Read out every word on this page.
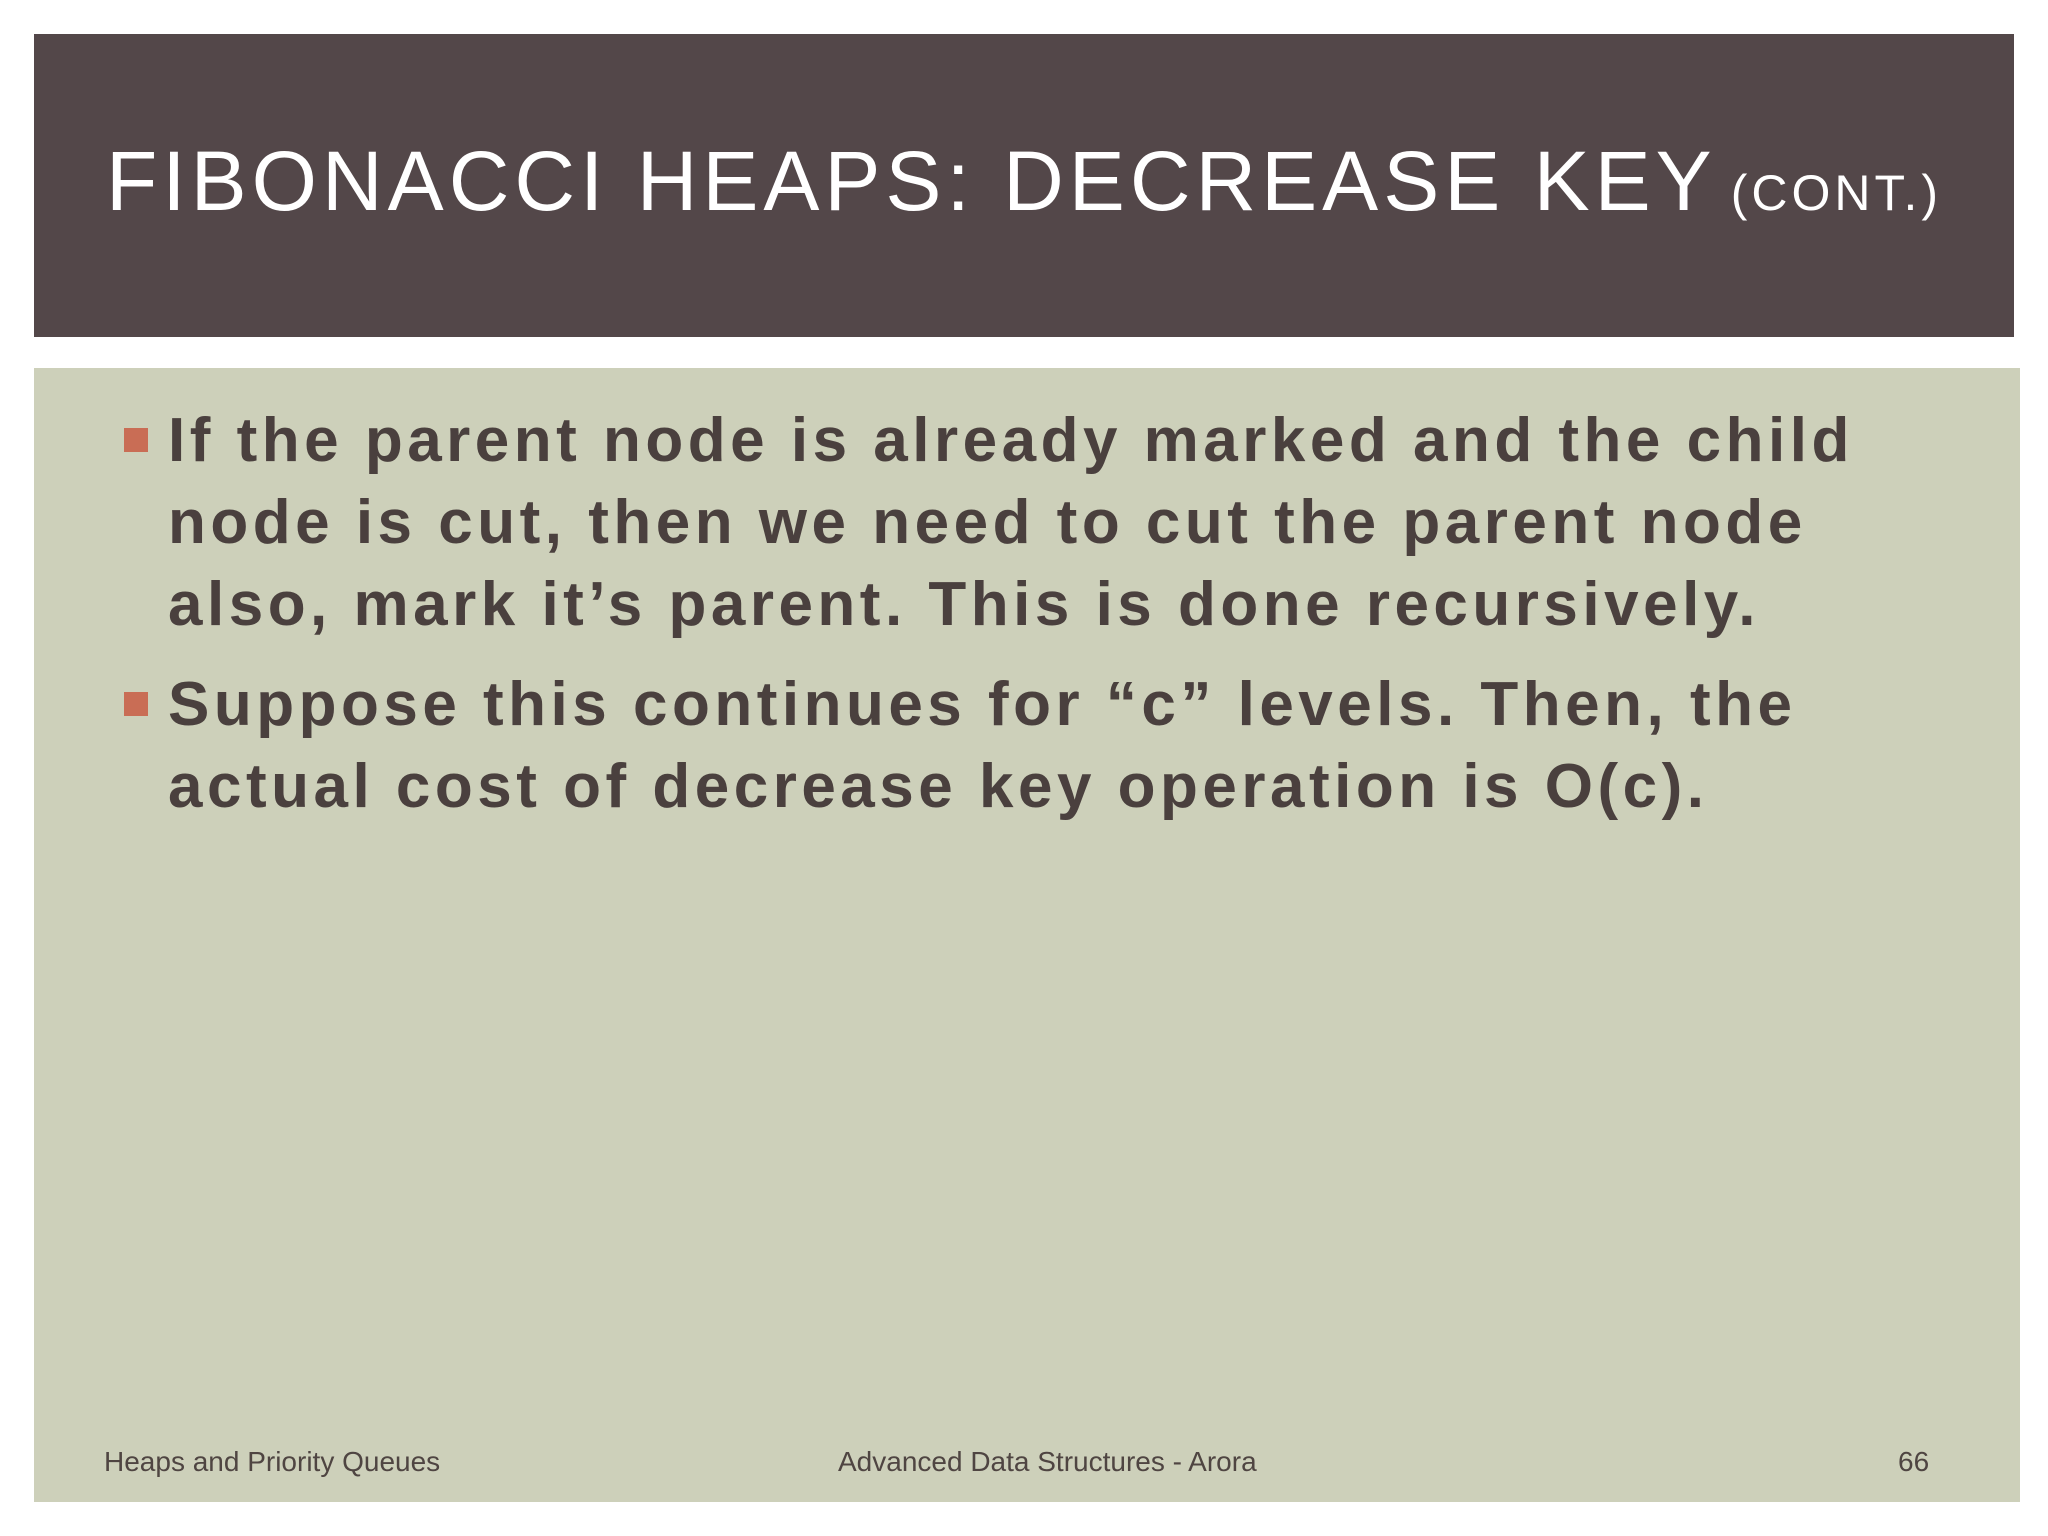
FIBONACCI HEAPS: DECREASE KEY (CONT.)
If the parent node is already marked and the child node is cut, then we need to cut the parent node also, mark it’s parent. This is done recursively.
Suppose this continues for “c” levels. Then, the actual cost of decrease key operation is O(c).
Heaps and Priority Queues	Advanced Data Structures - Arora	66
